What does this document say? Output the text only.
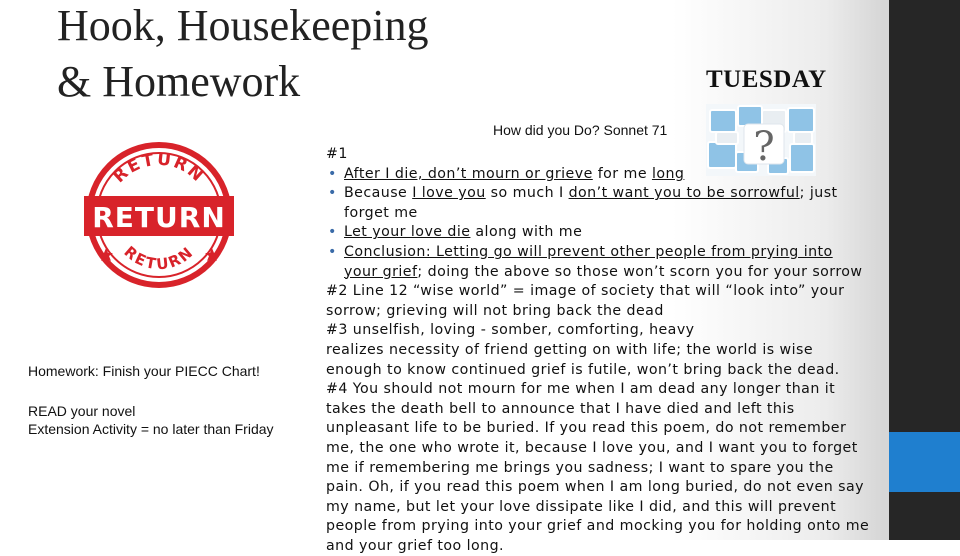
Hook, Housekeeping
& Homework	TUESDAY
How did you Do? Sonnet 71 ?
RETURN
RETURN
RETURN

Homework: Finish your PIECC Chart!

READ your novel

Extension Activity = no later than Friday

#1

• After I die, don’t mourn or grieve for me long

• Because I love you so much I don’t want you to be sorrowful; just forget me

• Let your love die along with me

• Conclusion: Letting go will prevent other people from prying into your grief; doing the above so those won’t scorn you for your sorrow

#2 Line 12 “wise world” = image of society that will “look into” your sorrow; grieving will not bring back the dead

#3 unselfish, loving - somber, comforting, heavy

realizes necessity of friend getting on with life; the world is wise enough to know continued grief is futile, won’t bring back the dead.

#4 You should not mourn for me when I am dead any longer than it takes the death bell to announce that I have died and left this unpleasant life to be buried. If you read this poem, do not remember me, the one who wrote it, because I love you, and I want you to forget me if remembering me brings you sadness; I want to spare you the pain. Oh, if you read this poem when I am long buried, do not even say my name, but let your love dissipate like I did, and this will prevent people from prying into your grief and mocking you for holding onto me and your grief too long.
